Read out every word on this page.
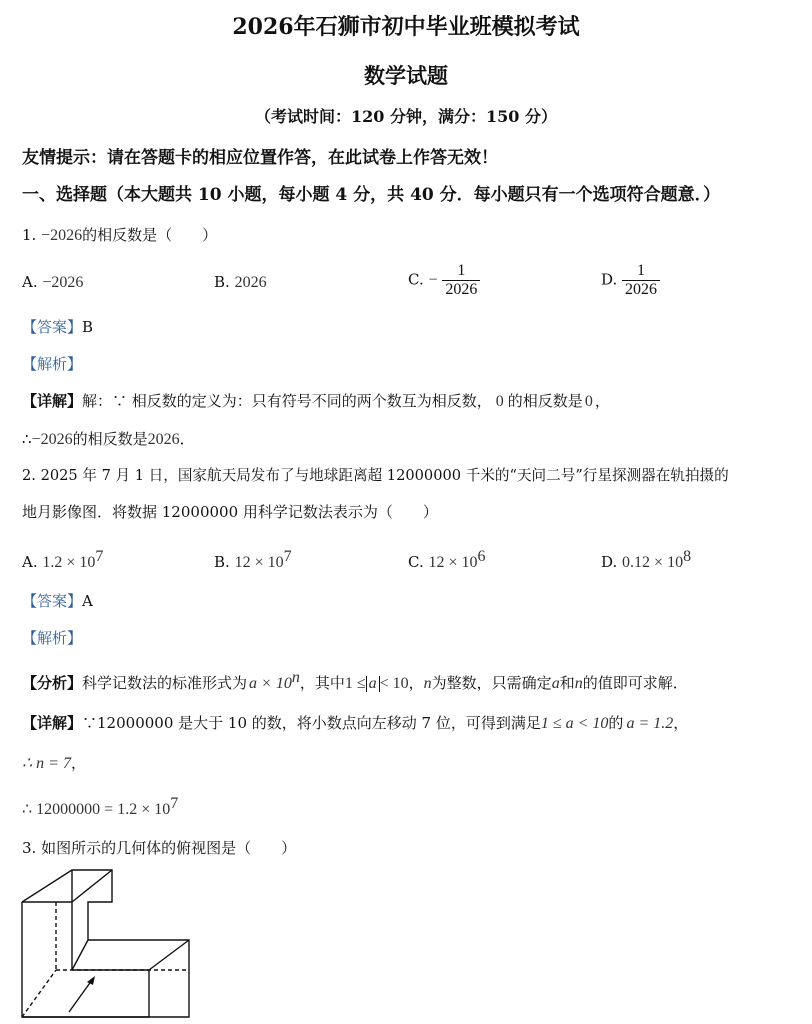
2026年石狮市初中毕业班模拟考试
数学试题
（考试时间：120 分钟，满分：150 分）
友情提示：请在答题卡的相应位置作答，在此试卷上作答无效！
一、选择题（本大题共 10 小题，每小题 4 分，共 40 分．每小题只有一个选项符合题意．）
1. −2026的相反数是（　　）
A. −2026	B. 2026	C. − $\frac{1}{2026}$	D. $\frac{1}{2026}$
【答案】B
【解析】
【详解】解：∵ 相反数的定义为：只有符号不同的两个数互为相反数， 0 的相反数是 0 ，
∴−2026的相反数是2026．
2. 2025 年 7 月 1 日，国家航天局发布了与地球距离超 12000000 千米的“天问二号”行星探测器在轨拍摄的
地月影像图．将数据 12000000 用科学记数法表示为（　　）
A. $1.2 \times 10^7$	B. $12 \times 10^7$	C. $12 \times 10^6$	D. $0.12 \times 10^8$
【答案】A
【解析】
【分析】科学记数法的标准形式为 $a \times 10^n$，其中1 ≤ a < 10，n为整数，只需确定a和n的值即可求解．
【详解】∵12000000 是大于 10 的数，将小数点向左移动 7 位，可得到满足1 ≤ a < 10的 a = 1.2，
∴ n = 7，
∴ $12000000 = 1.2 \times 10^7$
3. 如图所示的几何体的俯视图是（　　）
